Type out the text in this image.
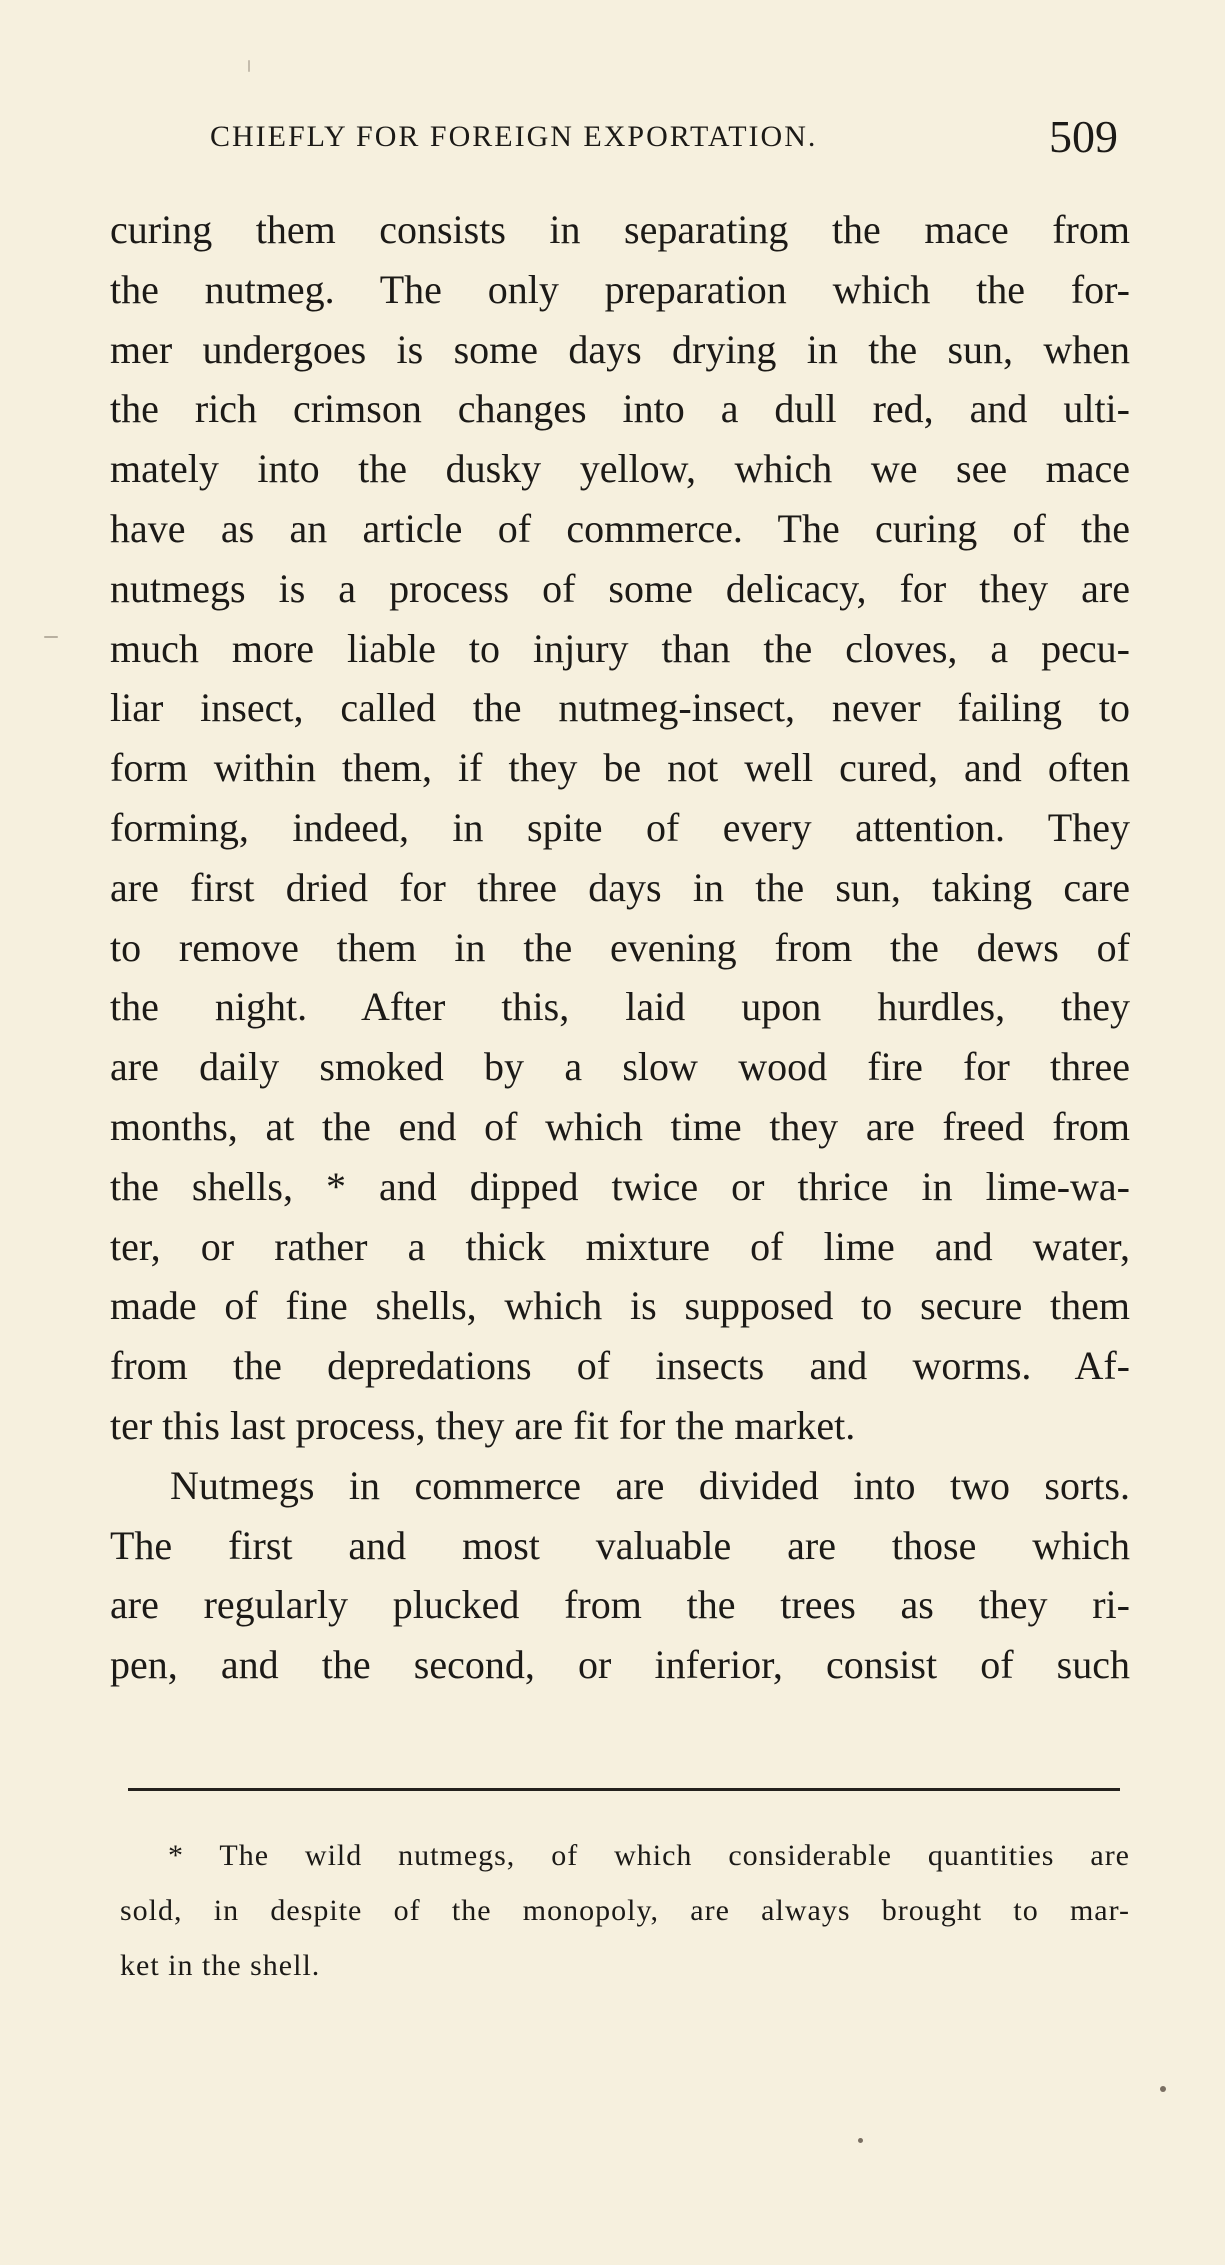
CHIEFLY FOR FOREIGN EXPORTATION.	509
curing them consists in separating the mace from
the nutmeg. The only preparation which the for-
mer undergoes is some days drying in the sun, when
the rich crimson changes into a dull red, and ulti-
mately into the dusky yellow, which we see mace
have as an article of commerce. The curing of the
nutmegs is a process of some delicacy, for they are
much more liable to injury than the cloves, a pecu-
liar insect, called the nutmeg-insect, never failing to
form within them, if they be not well cured, and often
forming, indeed, in spite of every attention. They
are first dried for three days in the sun, taking care
to remove them in the evening from the dews of
the night. After this, laid upon hurdles, they
are daily smoked by a slow wood fire for three
months, at the end of which time they are freed from
the shells, * and dipped twice or thrice in lime-wa-
ter, or rather a thick mixture of lime and water,
made of fine shells, which is supposed to secure them
from the depredations of insects and worms. Af-
ter this last process, they are fit for the market.
Nutmegs in commerce are divided into two sorts.
The first and most valuable are those which
are regularly plucked from the trees as they ri-
pen, and the second, or inferior, consist of such
* The wild nutmegs, of which considerable quantities are
sold, in despite of the monopoly, are always brought to mar-
ket in the shell.
